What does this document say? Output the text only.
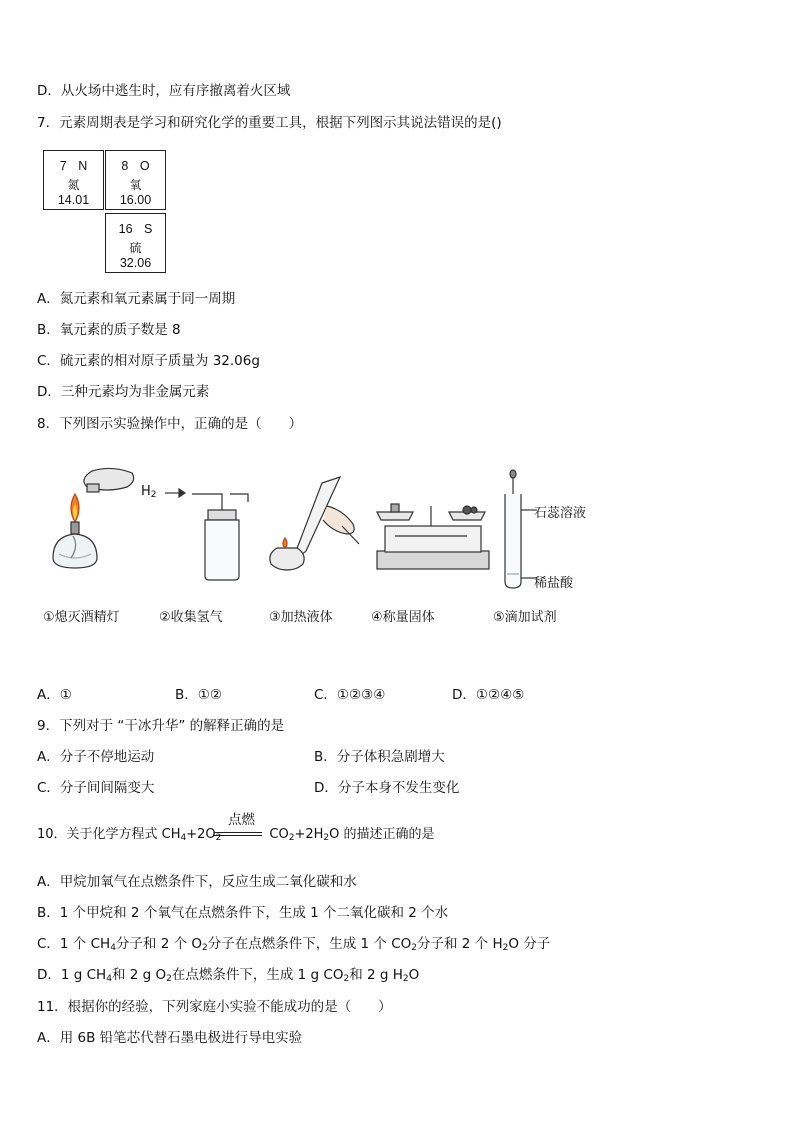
D．从火场中逃生时，应有序撤离着火区域
7．元素周期表是学习和研究化学的重要工具，根据下列图示其说法错误的是()
7 N
氮
14.01
8 O
氧
16.00
16 S
硫
32.06
A．氮元素和氧元素属于同一周期
B．氧元素的质子数是 8
C．硫元素的相对原子质量为 32.06g
D．三种元素均为非金属元素
8．下列图示实验操作中，正确的是（　　）
$H_2$
石蕊溶液
稀盐酸
①熄灭酒精灯	②收集氢气	③加热液体	④称量固体	⑤滴加试剂
A．①	B．①②	C．①②③④	D．①②④⑤
9．下列对于 “干冰升华” 的解释正确的是
A．分子不停地运动	B．分子体积急剧增大
C．分子间间隔变大	D．分子本身不发生变化
点燃
10．关于化学方程式 $CH_4+2O_2$	$CO_2+2H_2O$ 的描述正确的是
A．甲烷加氧气在点燃条件下，反应生成二氧化碳和水
B．1 个甲烷和 2 个氧气在点燃条件下，生成 1 个二氧化碳和 2 个水
C．1 个 $CH_4$分子和 2 个 $O_2$分子在点燃条件下，生成 1 个 $CO_2$分子和 2 个 $H_2O$ 分子
D．1 g $CH_4$和 2 g $O_2$在点燃条件下，生成 1 g $CO_2$和 2 g $H_2O$
11．根据你的经验，下列家庭小实验不能成功的是（　　）
A．用 6B 铅笔芯代替石墨电极进行导电实验
